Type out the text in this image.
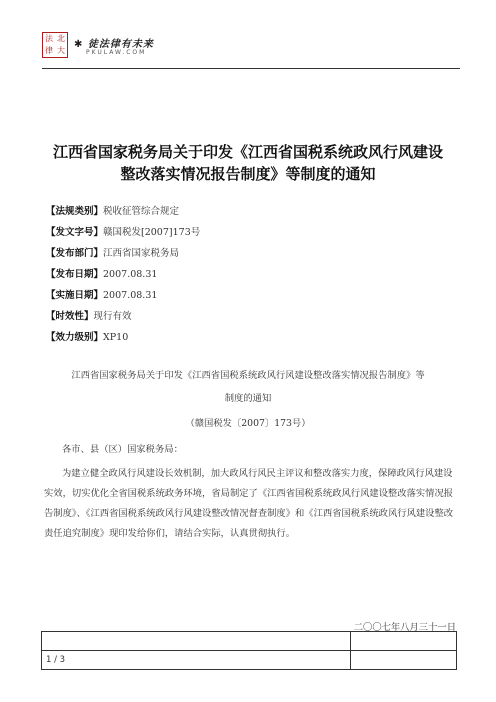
法 北
律 大
✱ 徒法律有未来
PKULAW.COM
江西省国家税务局关于印发《江西省国税系统政风行风建设
整改落实情况报告制度》等制度的通知
【法规类别】税收征管综合规定
【发文字号】赣国税发[2007]173号
【发布部门】江西省国家税务局
【发布日期】2007.08.31
【实施日期】2007.08.31
【时效性】现行有效
【效力级别】XP10
江西省国家税务局关于印发《江西省国税系统政风行风建设整改落实情况报告制度》等
制度的通知
（赣国税发〔2007〕173号）
各市、县（区）国家税务局：
为建立健全政风行风建设长效机制，加大政风行风民主评议和整改落实力度，保障政风行风建设实效，切实优化全省国税系统政务环境，省局制定了《江西省国税系统政风行风建设整改落实情况报告制度》、《江西省国税系统政风行风建设整改情况督查制度》和《江西省国税系统政风行风建设整改责任追究制度》现印发给你们，请结合实际，认真贯彻执行。
二〇〇七年八月三十一日

1 / 3	
